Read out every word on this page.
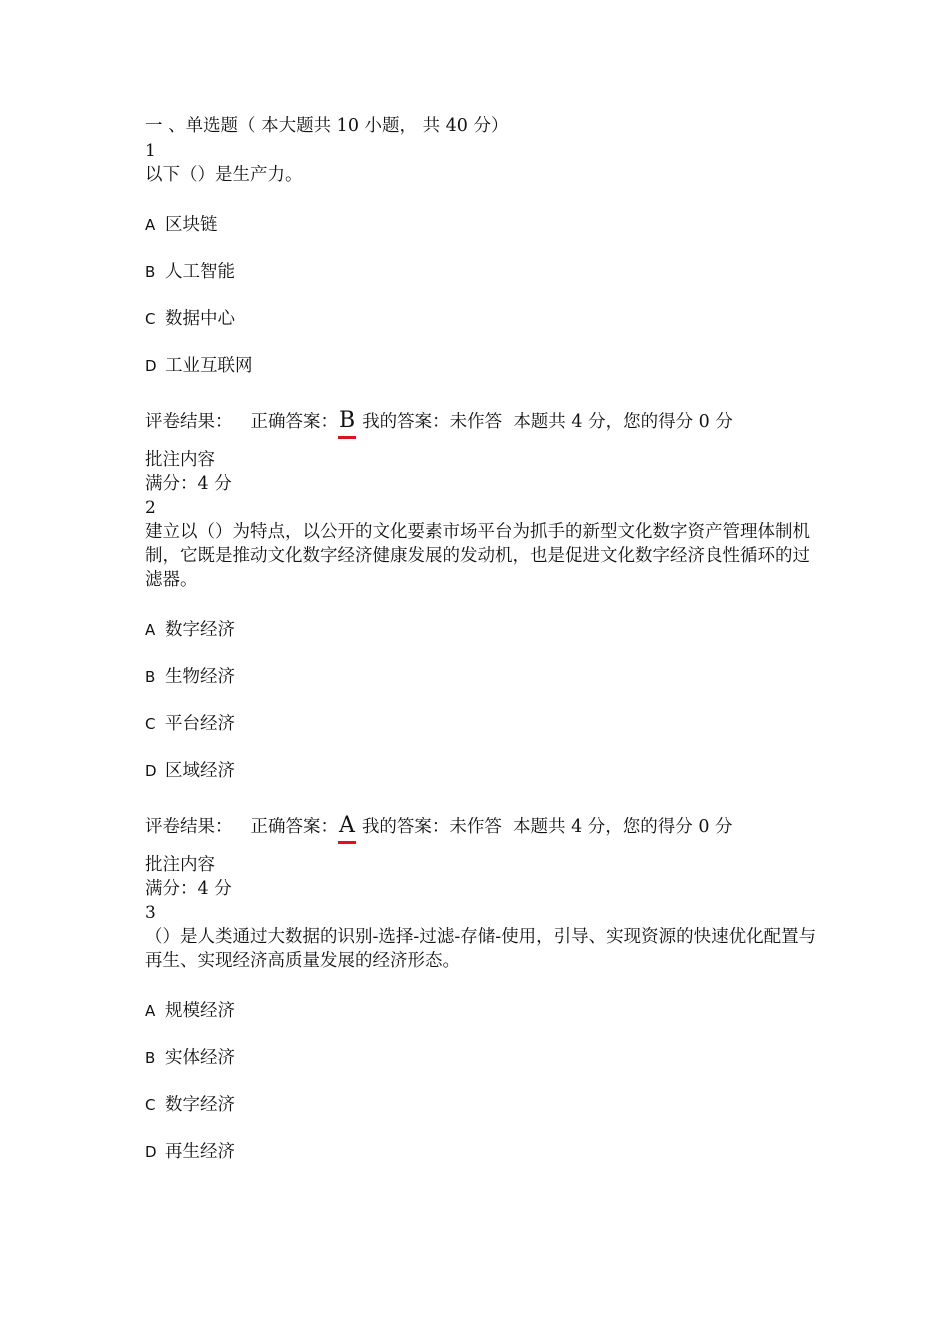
一 、单选题（ 本大题共 10 小题， 共 40 分）
1
以下（）是生产力。
A 区块链
B 人工智能
C 数据中心
D 工业互联网
评卷结果： 正确答案：B 我的答案：未作答 本题共 4 分，您的得分 0 分
批注内容
满分：4 分
2
建立以（）为特点，以公开的文化要素市场平台为抓手的新型文化数字资产管理体制机制，它既是推动文化数字经济健康发展的发动机，也是促进文化数字经济良性循环的过滤器。
A 数字经济
B 生物经济
C 平台经济
D 区域经济
评卷结果： 正确答案：A 我的答案：未作答 本题共 4 分，您的得分 0 分
批注内容
满分：4 分
3
（）是人类通过大数据的识别-选择-过滤-存储-使用，引导、实现资源的快速优化配置与再生、实现经济高质量发展的经济形态。
A 规模经济
B 实体经济
C 数字经济
D 再生经济
